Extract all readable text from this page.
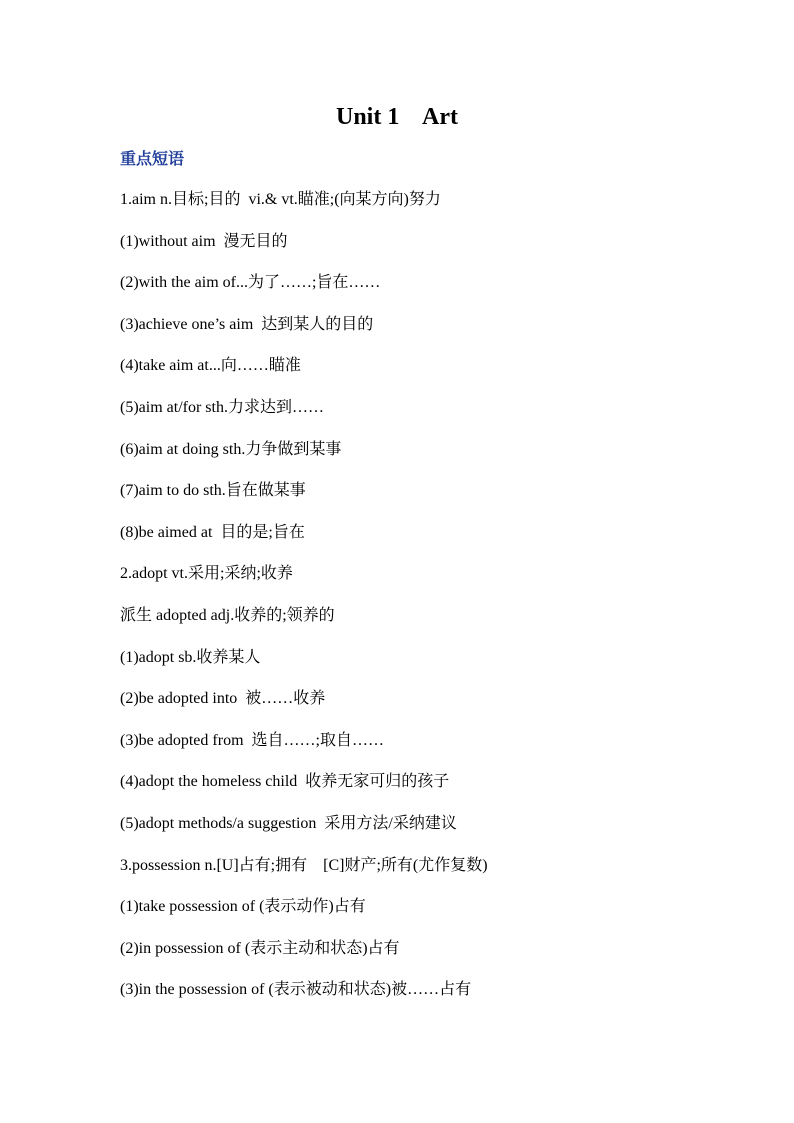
Unit 1    Art
重点短语
1.aim n.目标;目的  vi.& vt.瞄准;(向某方向)努力
(1)without aim  漫无目的
(2)with the aim of...为了……;旨在……
(3)achieve one’s aim  达到某人的目的
(4)take aim at...向……瞄准
(5)aim at/for sth.力求达到……
(6)aim at doing sth.力争做到某事
(7)aim to do sth.旨在做某事
(8)be aimed at  目的是;旨在
2.adopt vt.采用;采纳;收养
派生 adopted adj.收养的;领养的
(1)adopt sb.收养某人
(2)be adopted into  被……收养
(3)be adopted from  选自……;取自……
(4)adopt the homeless child  收养无家可归的孩子
(5)adopt methods/a suggestion  采用方法/采纳建议
3.possession n.[U]占有;拥有    [C]财产;所有(尤作复数)
(1)take possession of (表示动作)占有
(2)in possession of (表示主动和状态)占有
(3)in the possession of (表示被动和状态)被……占有
